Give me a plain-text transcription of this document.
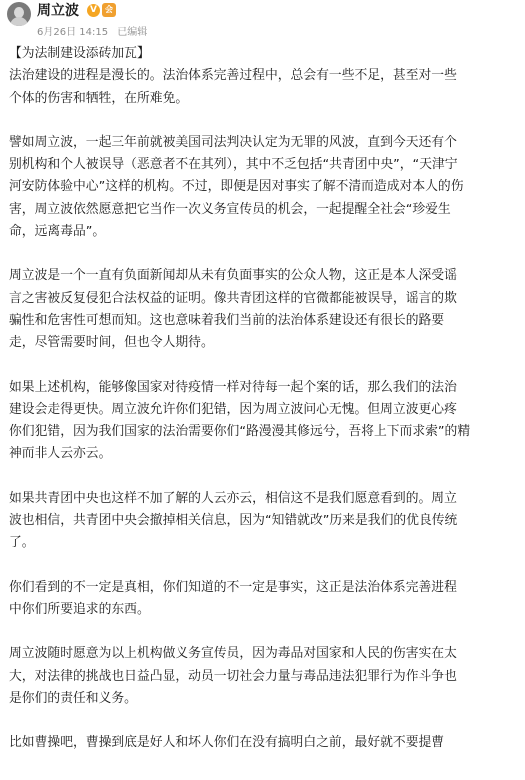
周立波	V	会
6月26日 14:15 已编辑

【为法制建设添砖加瓦】
法治建设的进程是漫长的。法治体系完善过程中，总会有一些不足，甚至对一些
个体的伤害和牺牲，在所难免。

譬如周立波，一起三年前就被美国司法判决认定为无罪的风波，直到今天还有个
别机构和个人被误导（恶意者不在其列），其中不乏包括“共青团中央”，“天津宁
河安防体验中心”这样的机构。不过，即便是因对事实了解不清而造成对本人的伤
害，周立波依然愿意把它当作一次义务宣传员的机会，一起提醒全社会“珍爱生
命，远离毒品”。

周立波是一个一直有负面新闻却从未有负面事实的公众人物，这正是本人深受谣
言之害被反复侵犯合法权益的证明。像共青团这样的官微都能被误导，谣言的欺
骗性和危害性可想而知。这也意味着我们当前的法治体系建设还有很长的路要
走，尽管需要时间，但也令人期待。

如果上述机构，能够像国家对待疫情一样对待每一起个案的话，那么我们的法治
建设会走得更快。周立波允许你们犯错，因为周立波问心无愧。但周立波更心疼
你们犯错，因为我们国家的法治需要你们“路漫漫其修远兮，吾将上下而求索”的精
神而非人云亦云。

如果共青团中央也这样不加了解的人云亦云，相信这不是我们愿意看到的。周立
波也相信，共青团中央会撤掉相关信息，因为“知错就改”历来是我们的优良传统
了。

你们看到的不一定是真相，你们知道的不一定是事实，这正是法治体系完善进程
中你们所要追求的东西。

周立波随时愿意为以上机构做义务宣传员，因为毒品对国家和人民的伤害实在太
大，对法律的挑战也日益凸显，动员一切社会力量与毒品违法犯罪行为作斗争也
是你们的责任和义务。

比如曹操吧，曹操到底是好人和坏人你们在没有搞明白之前，最好就不要提曹
